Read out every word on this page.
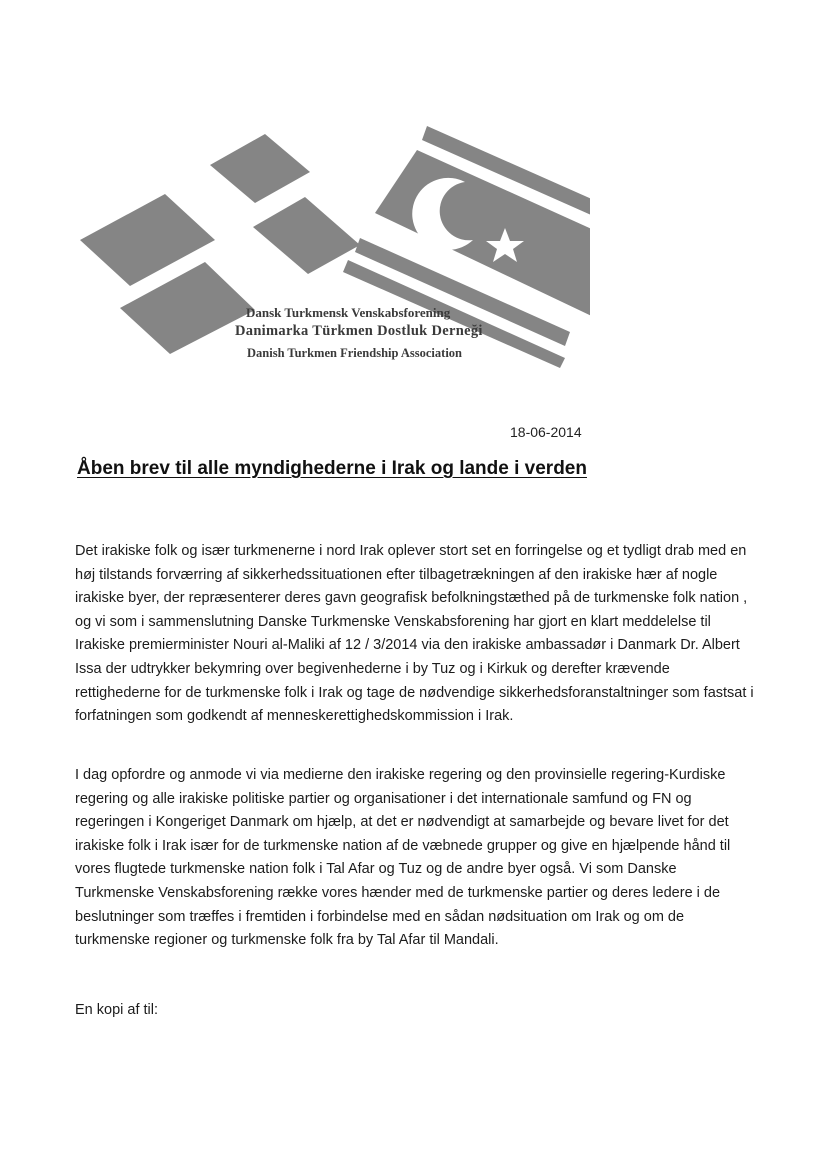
Dansk Turkmensk Venskabsforening
Danimarka Türkmen Dostluk Derneği
Danish Turkmen Friendship Association
18-06-2014
Åben brev til alle myndighederne i Irak og lande i verden

Det irakiske folk og især turkmenerne i nord Irak oplever stort set en forringelse og et tydligt drab med en høj tilstands forværring af sikkerhedssituationen efter tilbagetrækningen af den irakiske hær af nogle irakiske byer, der repræsenterer deres gavn geografisk befolkningstæthed på de turkmenske folk nation , og vi som i sammenslutning Danske Turkmenske Venskabsforening har gjort en klart meddelelse til Irakiske premierminister Nouri al-Maliki af 12 / 3/2014 via den irakiske ambassadør i Danmark Dr. Albert Issa der udtrykker bekymring over begivenhederne i by Tuz og i Kirkuk og derefter krævende rettighederne for de turkmenske folk i Irak og tage de nødvendige sikkerhedsforanstaltninger som fastsat i forfatningen som godkendt af menneskerettighedskommission i Irak.

I dag opfordre og anmode vi via medierne den irakiske regering og den provinsielle regering-Kurdiske regering og alle irakiske politiske partier og organisationer i det internationale samfund og FN og regeringen i Kongeriget Danmark om hjælp, at det er nødvendigt at samarbejde og bevare livet for det irakiske folk i Irak især for de turkmenske nation af de væbnede grupper og give en hjælpende hånd til vores flugtede turkmenske nation folk i Tal Afar og Tuz og de andre byer også. Vi som Danske Turkmenske Venskabsforening række vores hænder med de turkmenske partier og deres ledere i de beslutninger som træffes i fremtiden i forbindelse med en sådan nødsituation om Irak og om de turkmenske regioner og turkmenske folk fra by Tal Afar til Mandali.

En kopi af til:
